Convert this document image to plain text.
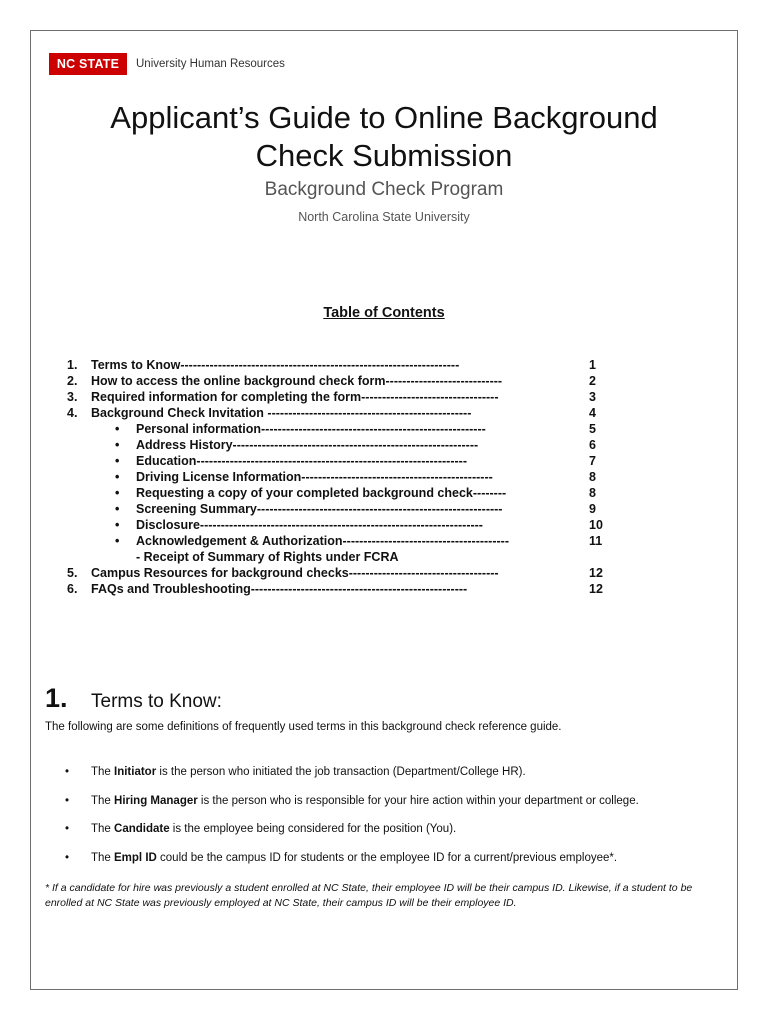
NC STATE	University Human Resources
Applicant’s Guide to Online Background
Check Submission
Background Check Program
North Carolina State University
Table of Contents
1. Terms to Know-------------------------------------------------------------------	1
2. How to access the online background check form----------------------------	2
3. Required information for completing the form---------------------------------	3
4. Background Check Invitation -------------------------------------------------	4
• Personal information------------------------------------------------------	5
• Address History-----------------------------------------------------------	6
• Education-----------------------------------------------------------------	7
• Driving License Information----------------------------------------------	8
• Requesting a copy of your completed background check--------	8
• Screening Summary-----------------------------------------------------------	9
• Disclosure--------------------------------------------------------------------	10
• Acknowledgement & Authorization----------------------------------------	11
- Receipt of Summary of Rights under FCRA
5. Campus Resources for background checks------------------------------------	12
6. FAQs and Troubleshooting----------------------------------------------------	12
1.	Terms to Know:
The following are some definitions of frequently used terms in this background check reference guide.
• The Initiator is the person who initiated the job transaction (Department/College HR).
• The Hiring Manager is the person who is responsible for your hire action within your department or college.
• The Candidate is the employee being considered for the position (You).
• The Empl ID could be the campus ID for students or the employee ID for a current/previous employee*.
* If a candidate for hire was previously a student enrolled at NC State, their employee ID will be their campus ID. Likewise, if a student to be enrolled at NC State was previously employed at NC State, their campus ID will be their employee ID.
